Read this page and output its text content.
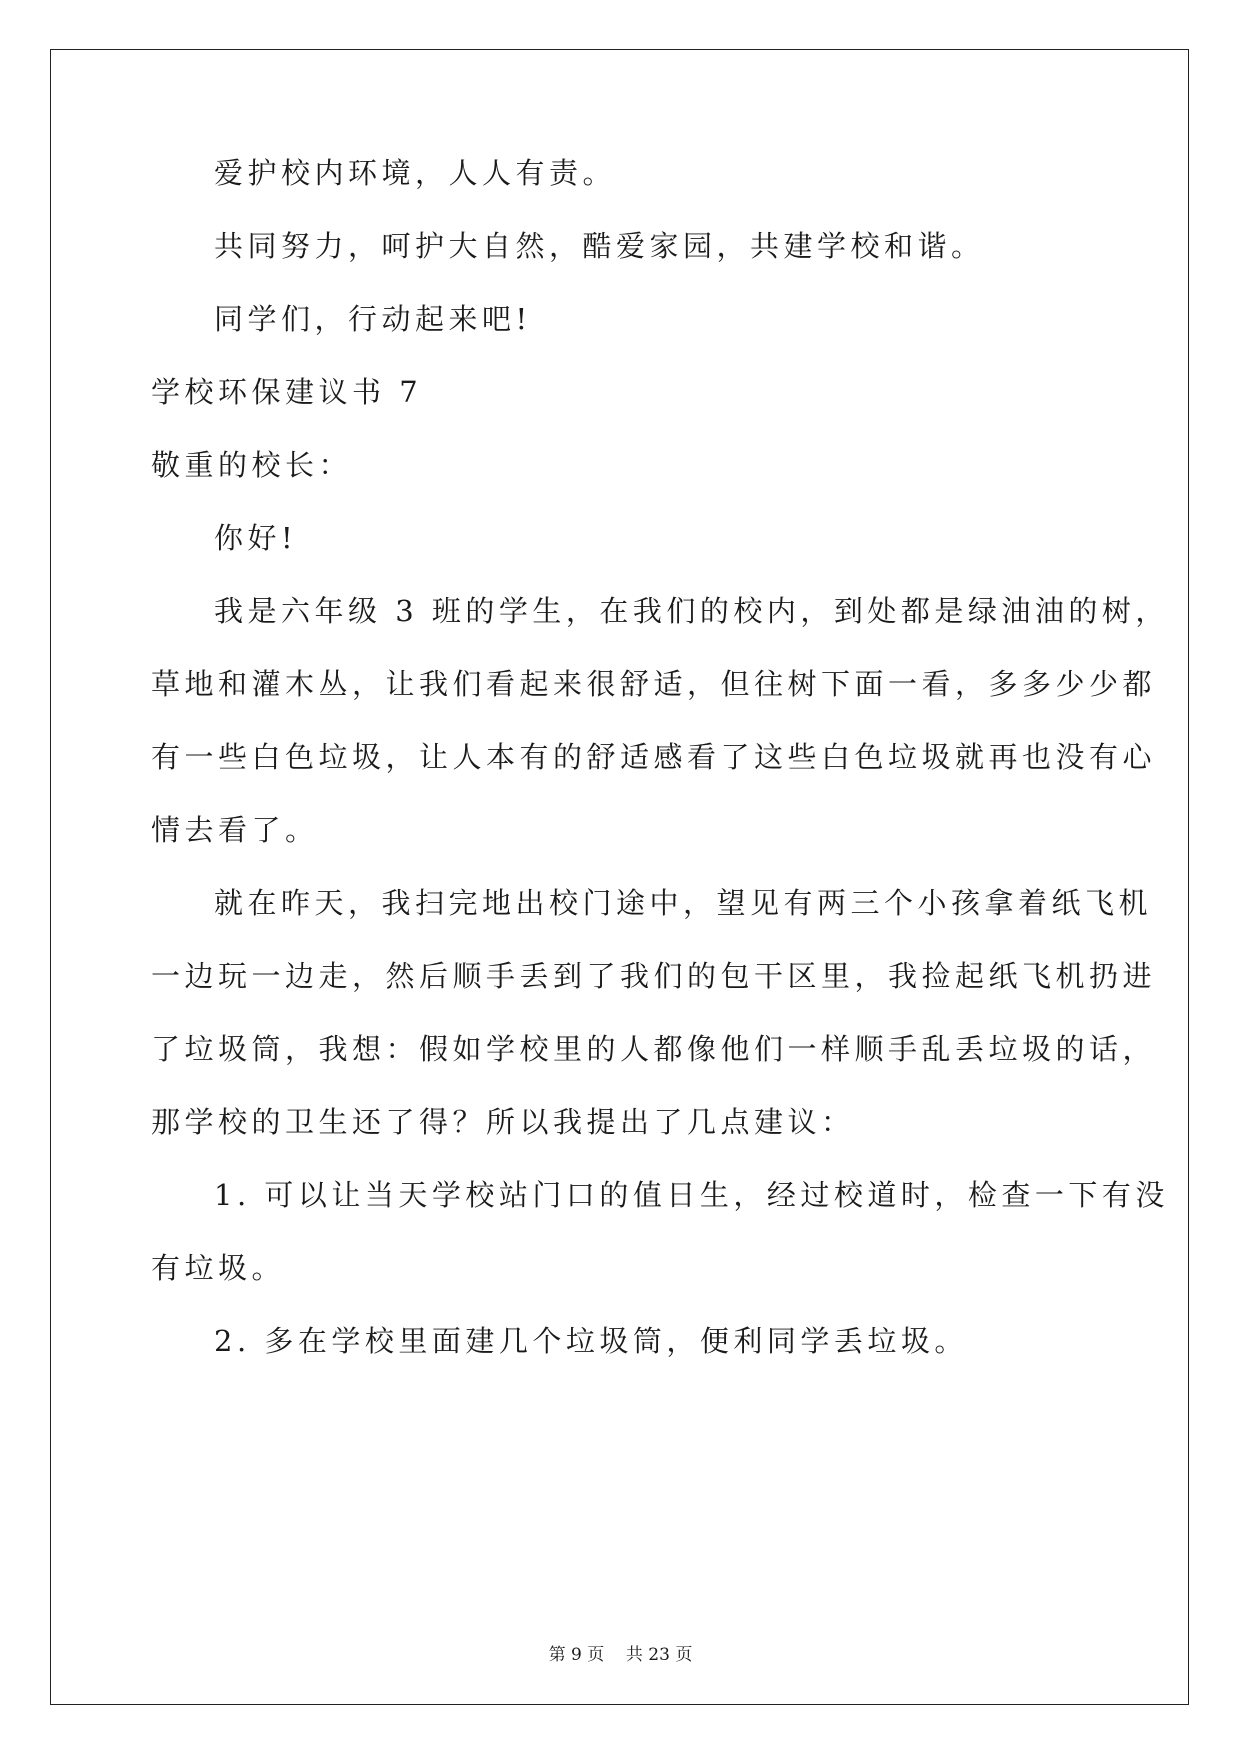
爱护校内环境，人人有责。
共同努力，呵护大自然，酷爱家园，共建学校和谐。
同学们，行动起来吧!
学校环保建议书 7
敬重的校长：
你好!
我是六年级 3 班的学生，在我们的校内，到处都是绿油油的树，
草地和灌木丛，让我们看起来很舒适，但往树下面一看，多多少少都
有一些白色垃圾，让人本有的舒适感看了这些白色垃圾就再也没有心
情去看了。
就在昨天，我扫完地出校门途中，望见有两三个小孩拿着纸飞机
一边玩一边走，然后顺手丢到了我们的包干区里，我捡起纸飞机扔进
了垃圾筒，我想：假如学校里的人都像他们一样顺手乱丢垃圾的话，
那学校的卫生还了得？所以我提出了几点建议：
1. 可以让当天学校站门口的值日生，经过校道时，检查一下有没
有垃圾。
2. 多在学校里面建几个垃圾筒，便利同学丢垃圾。
第 9 页    共 23 页
